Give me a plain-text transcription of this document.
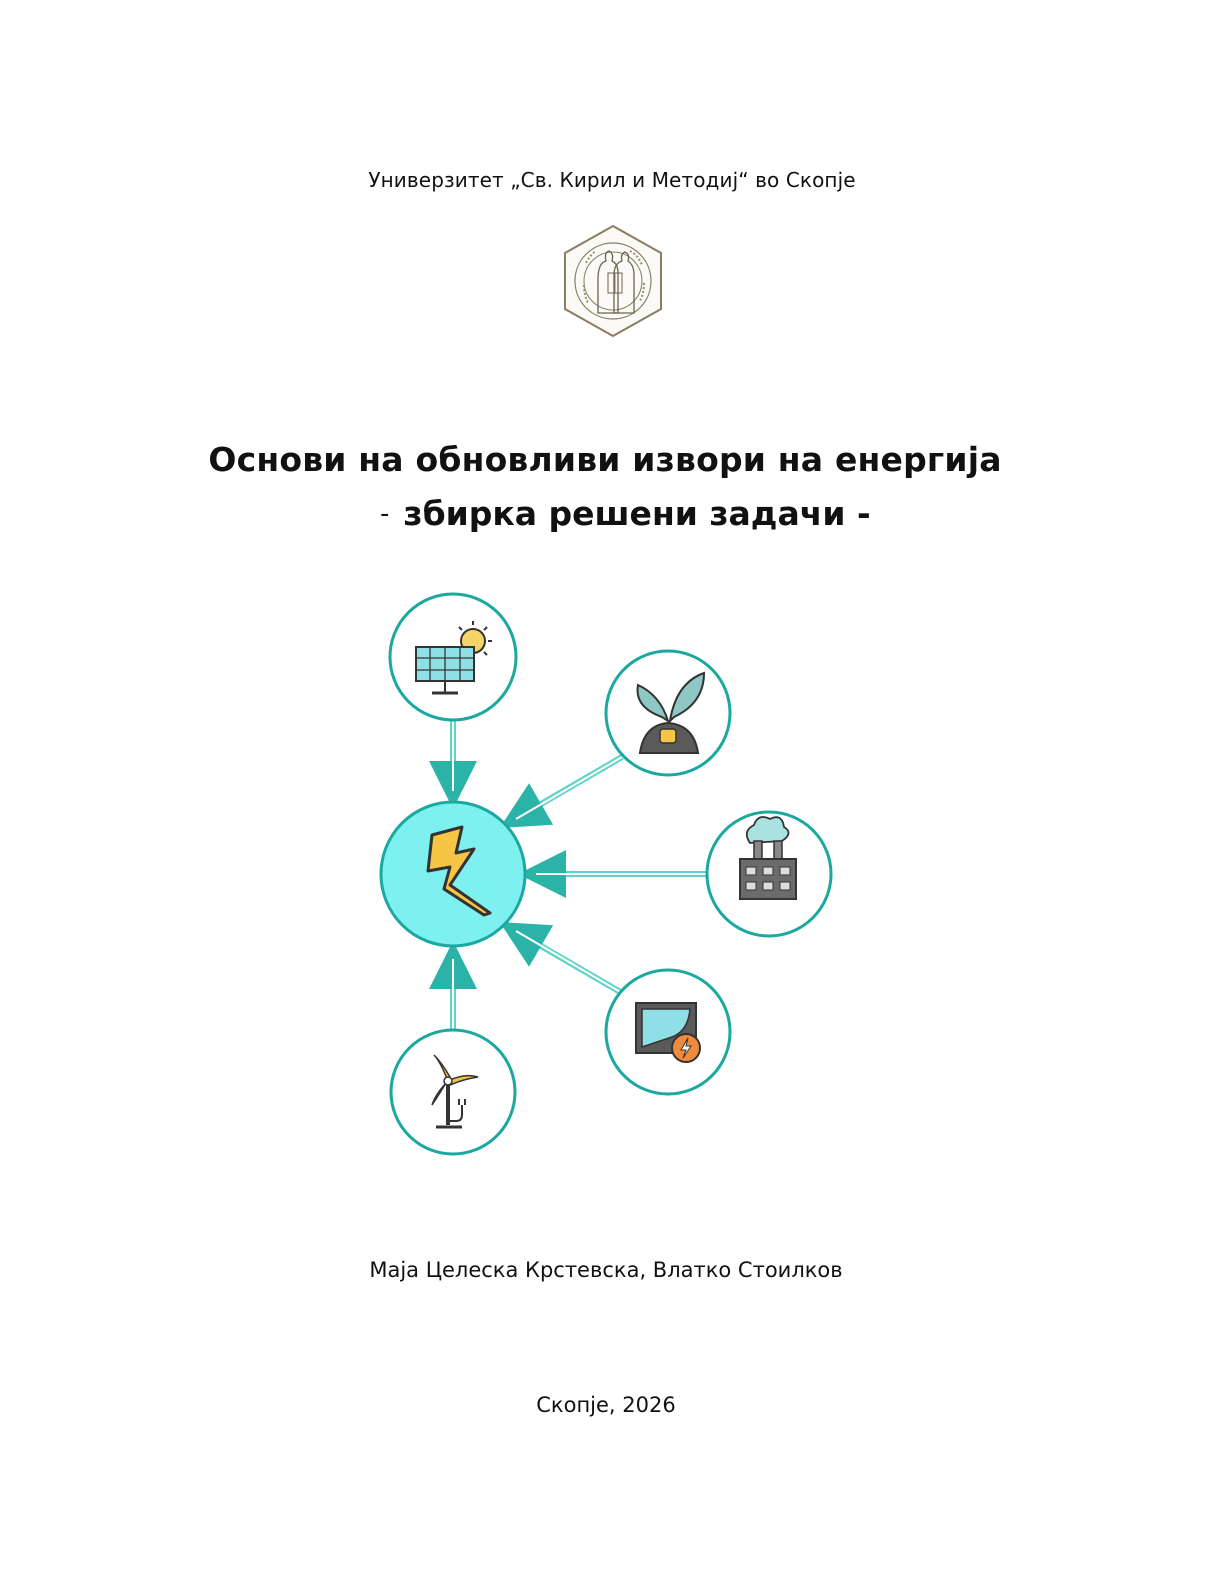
Универзитет „Св. Кирил и Методиј“ во Скопје
Основи на обновливи извори на енергија
- збирка решени задачи -
Маја Целеска Крстевска, Влатко Стоилков
Скопје, 2026
